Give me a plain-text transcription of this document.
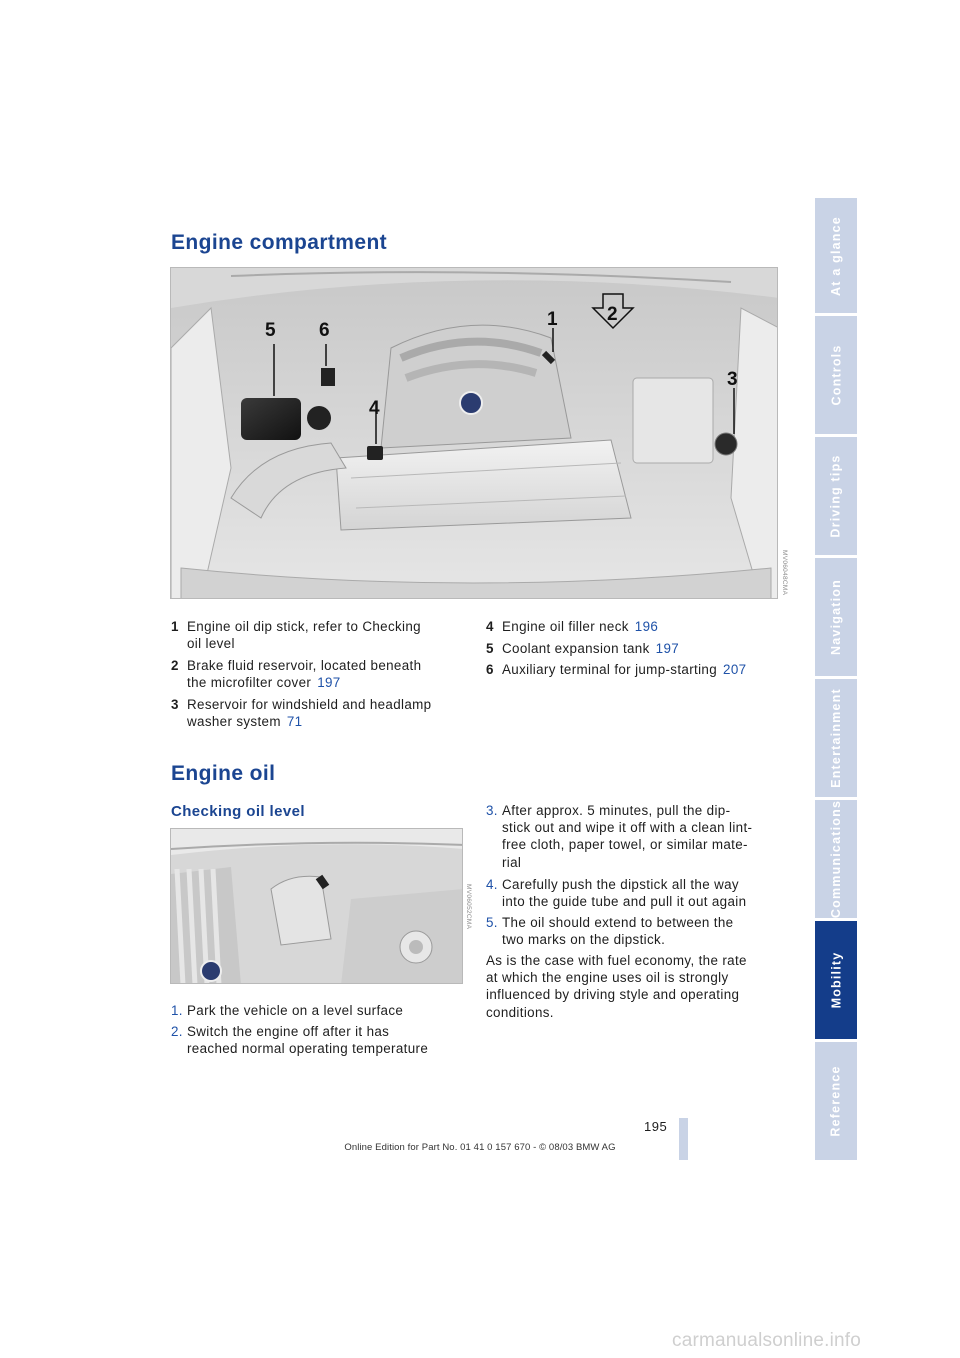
At a glance
Controls
Driving tips
Navigation
Entertainment
Communications
Mobility
Reference
Engine compartment
5 6
1	2
4
3
MV06048CMA
1 Engine oil dip stick, refer to Checking
oil level
2 Brake fluid reservoir, located beneath
the microfilter cover 197
3 Reservoir for windshield and headlamp
washer system 71
4 Engine oil filler neck 196
5 Coolant expansion tank 197
6 Auxiliary terminal for jump-starting 207
Engine oil
Checking oil level
MV06052CMA
1. Park the vehicle on a level surface
2. Switch the engine off after it has
reached normal operating temperature
3. After approx. 5 minutes, pull the dip-
stick out and wipe it off with a clean lint-
free cloth, paper towel, or similar mate-
rial
4. Carefully push the dipstick all the way
into the guide tube and pull it out again
5. The oil should extend to between the
two marks on the dipstick.
As is the case with fuel economy, the rate
at which the engine uses oil is strongly
influenced by driving style and operating
conditions.
195
Online Edition for Part No. 01 41 0 157 670 - © 08/03 BMW AG
carmanualsonline.info
